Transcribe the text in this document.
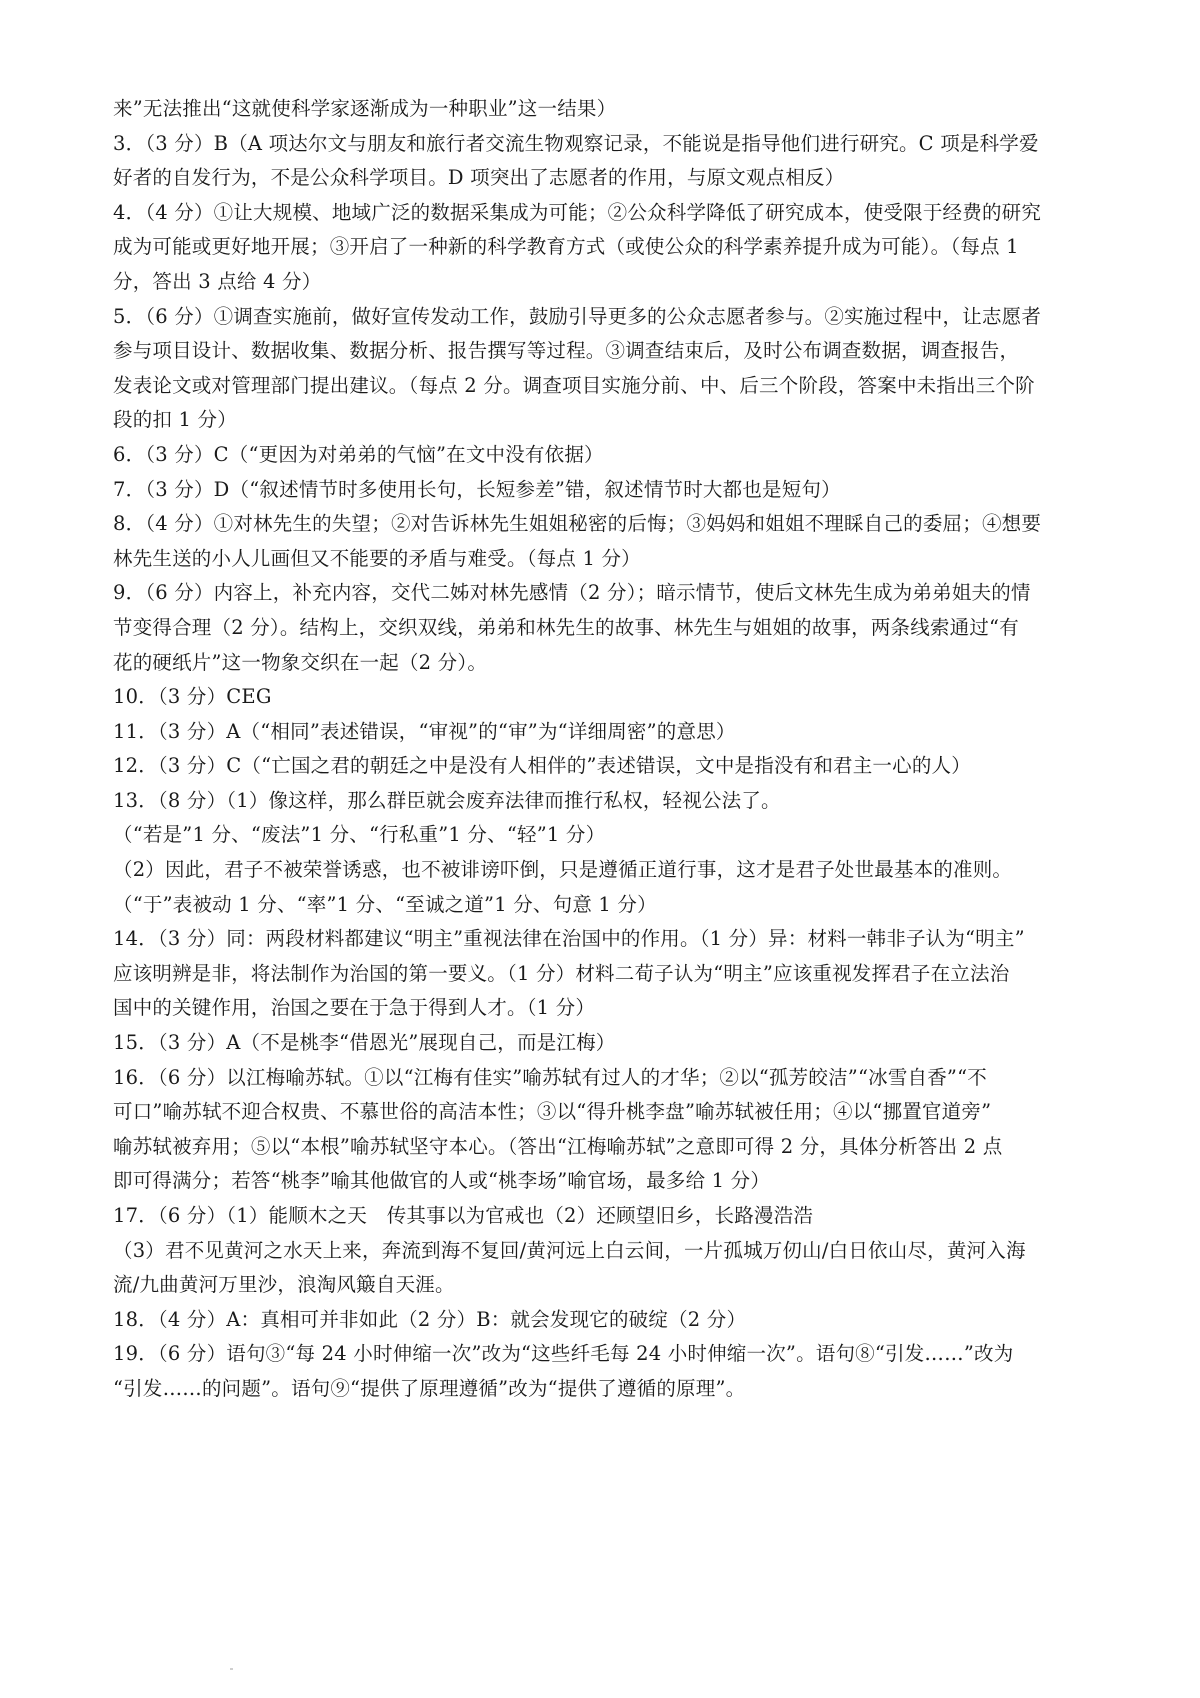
来”无法推出“这就使科学家逐渐成为一种职业”这一结果）
3．（3 分）B（A 项达尔文与朋友和旅行者交流生物观察记录，不能说是指导他们进行研究。C 项是科学爱
好者的自发行为，不是公众科学项目。D 项突出了志愿者的作用，与原文观点相反）
4．（4 分）①让大规模、地域广泛的数据采集成为可能；②公众科学降低了研究成本，使受限于经费的研究
成为可能或更好地开展；③开启了一种新的科学教育方式（或使公众的科学素养提升成为可能）。（每点 1
分，答出 3 点给 4 分）
5．（6 分）①调查实施前，做好宣传发动工作，鼓励引导更多的公众志愿者参与。②实施过程中，让志愿者
参与项目设计、数据收集、数据分析、报告撰写等过程。③调查结束后，及时公布调查数据，调查报告，
发表论文或对管理部门提出建议。（每点 2 分。调查项目实施分前、中、后三个阶段，答案中未指出三个阶
段的扣 1 分）
6．（3 分）C（“更因为对弟弟的气恼”在文中没有依据）
7．（3 分）D（“叙述情节时多使用长句，长短参差”错，叙述情节时大都也是短句）
8．（4 分）①对林先生的失望；②对告诉林先生姐姐秘密的后悔；③妈妈和姐姐不理睬自己的委屈；④想要
林先生送的小人儿画但又不能要的矛盾与难受。（每点 1 分）
9．（6 分）内容上，补充内容，交代二姊对林先感情（2 分）；暗示情节，使后文林先生成为弟弟姐夫的情
节变得合理（2 分）。结构上，交织双线，弟弟和林先生的故事、林先生与姐姐的故事，两条线索通过“有
花的硬纸片”这一物象交织在一起（2 分）。
10．（3 分）CEG
11．（3 分）A（“相同”表述错误，“审视”的“审”为“详细周密”的意思）
12．（3 分）C（“亡国之君的朝廷之中是没有人相伴的”表述错误，文中是指没有和君主一心的人）
13．（8 分）（1）像这样，那么群臣就会废弃法律而推行私权，轻视公法了。
（“若是”1 分、“废法”1 分、“行私重”1 分、“轻”1 分）
（2）因此，君子不被荣誉诱惑，也不被诽谤吓倒，只是遵循正道行事，这才是君子处世最基本的准则。
（“于”表被动 1 分、“率”1 分、“至诚之道”1 分、句意 1 分）
14．（3 分）同：两段材料都建议“明主”重视法律在治国中的作用。（1 分）异：材料一韩非子认为“明主”
应该明辨是非，将法制作为治国的第一要义。（1 分）材料二荀子认为“明主”应该重视发挥君子在立法治
国中的关键作用，治国之要在于急于得到人才。（1 分）
15．（3 分）A（不是桃李“借恩光”展现自己，而是江梅）
16．（6 分）以江梅喻苏轼。①以“江梅有佳实”喻苏轼有过人的才华；②以“孤芳皎洁”“冰雪自香”“不
可口”喻苏轼不迎合权贵、不慕世俗的高洁本性；③以“得升桃李盘”喻苏轼被任用；④以“挪置官道旁”
喻苏轼被弃用；⑤以“本根”喻苏轼坚守本心。（答出“江梅喻苏轼”之意即可得 2 分，具体分析答出 2 点
即可得满分；若答“桃李”喻其他做官的人或“桃李场”喻官场，最多给 1 分）
17．（6 分）（1）能顺木之天　传其事以为官戒也（2）还顾望旧乡，长路漫浩浩
（3）君不见黄河之水天上来，奔流到海不复回/黄河远上白云间，一片孤城万仞山/白日依山尽，黄河入海
流/九曲黄河万里沙，浪淘风簸自天涯。
18．（4 分）A：真相可并非如此（2 分）B：就会发现它的破绽（2 分）
19．（6 分）语句③“每 24 小时伸缩一次”改为“这些纤毛每 24 小时伸缩一次”。语句⑧“引发……”改为
“引发……的问题”。语句⑨“提供了原理遵循”改为“提供了遵循的原理”。
